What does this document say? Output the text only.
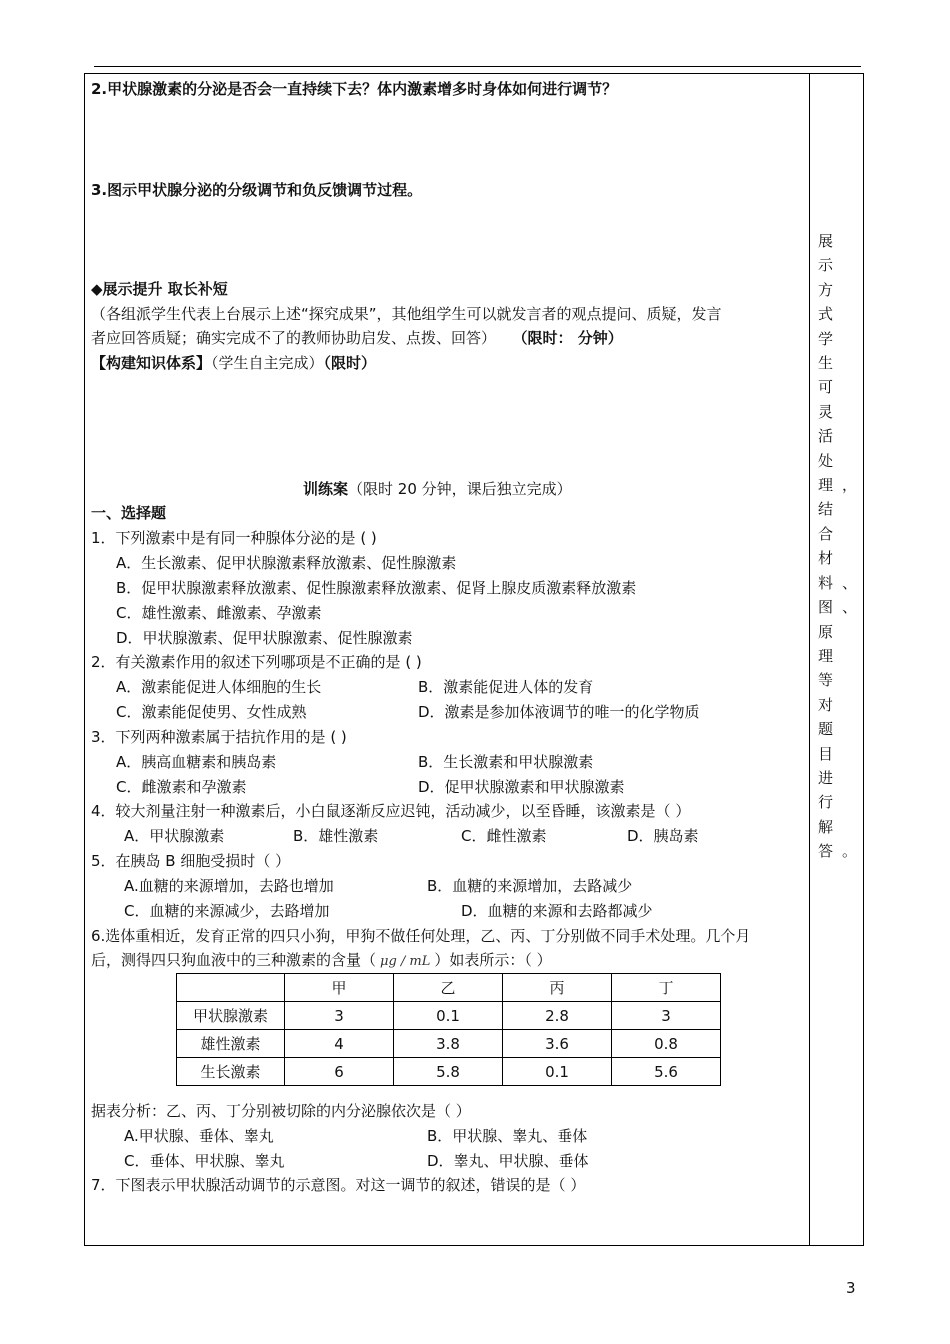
2.甲状腺激素的分泌是否会一直持续下去？体内激素增多时身体如何进行调节？
3.图示甲状腺分泌的分级调节和负反馈调节过程。
展示方式学生可灵活处理，结合材料、图、原理等对题目进行解答。
◆展示提升 取长补短
（各组派学生代表上台展示上述“探究成果”，其他组学生可以就发言者的观点提问、质疑，发言
者应回答质疑；确实完成不了的教师协助启发、点拨、回答） （限时： 分钟）
【构建知识体系】（学生自主完成）（限时）
训练案（限时 20 分钟，课后独立完成）
一、选择题
1．下列激素中是有同一种腺体分泌的是 ( )
A．生长激素、促甲状腺激素释放激素、促性腺激素
B．促甲状腺激素释放激素、促性腺激素释放激素、促肾上腺皮质激素释放激素
C．雄性激素、雌激素、孕激素
D．甲状腺激素、促甲状腺激素、促性腺激素
2．有关激素作用的叙述下列哪项是不正确的是 ( )
A．激素能促进人体细胞的生长	B．激素能促进人体的发育
C．激素能促使男、女性成熟	D．激素是参加体液调节的唯一的化学物质
3．下列两种激素属于拮抗作用的是 ( )
A．胰高血糖素和胰岛素	B．生长激素和甲状腺激素
C．雌激素和孕激素	D．促甲状腺激素和甲状腺激素
4．较大剂量注射一种激素后，小白鼠逐渐反应迟钝，活动减少，以至昏睡，该激素是（ ）
A．甲状腺激素	B．雄性激素	C．雌性激素	D．胰岛素
5．在胰岛 B 细胞受损时（ ）
A.血糖的来源增加，去路也增加	B．血糖的来源增加，去路减少
C．血糖的来源减少，去路增加	D．血糖的来源和去路都减少
6.选体重相近，发育正常的四只小狗，甲狗不做任何处理，乙、丙、丁分别做不同手术处理。几个月
后，测得四只狗血液中的三种激素的含量（ μg / mL ）如表所示：（ ）
	甲	乙	丙	丁
甲状腺激素	3	0.1	2.8	3
雄性激素	4	3.8	3.6	0.8
生长激素	6	5.8	0.1	5.6
据表分析：乙、丙、丁分别被切除的内分泌腺依次是（ ）
A.甲状腺、垂体、睾丸	B．甲状腺、睾丸、垂体
C．垂体、甲状腺、睾丸	D．睾丸、甲状腺、垂体
7．下图表示甲状腺活动调节的示意图。对这一调节的叙述，错误的是（ ）
3
